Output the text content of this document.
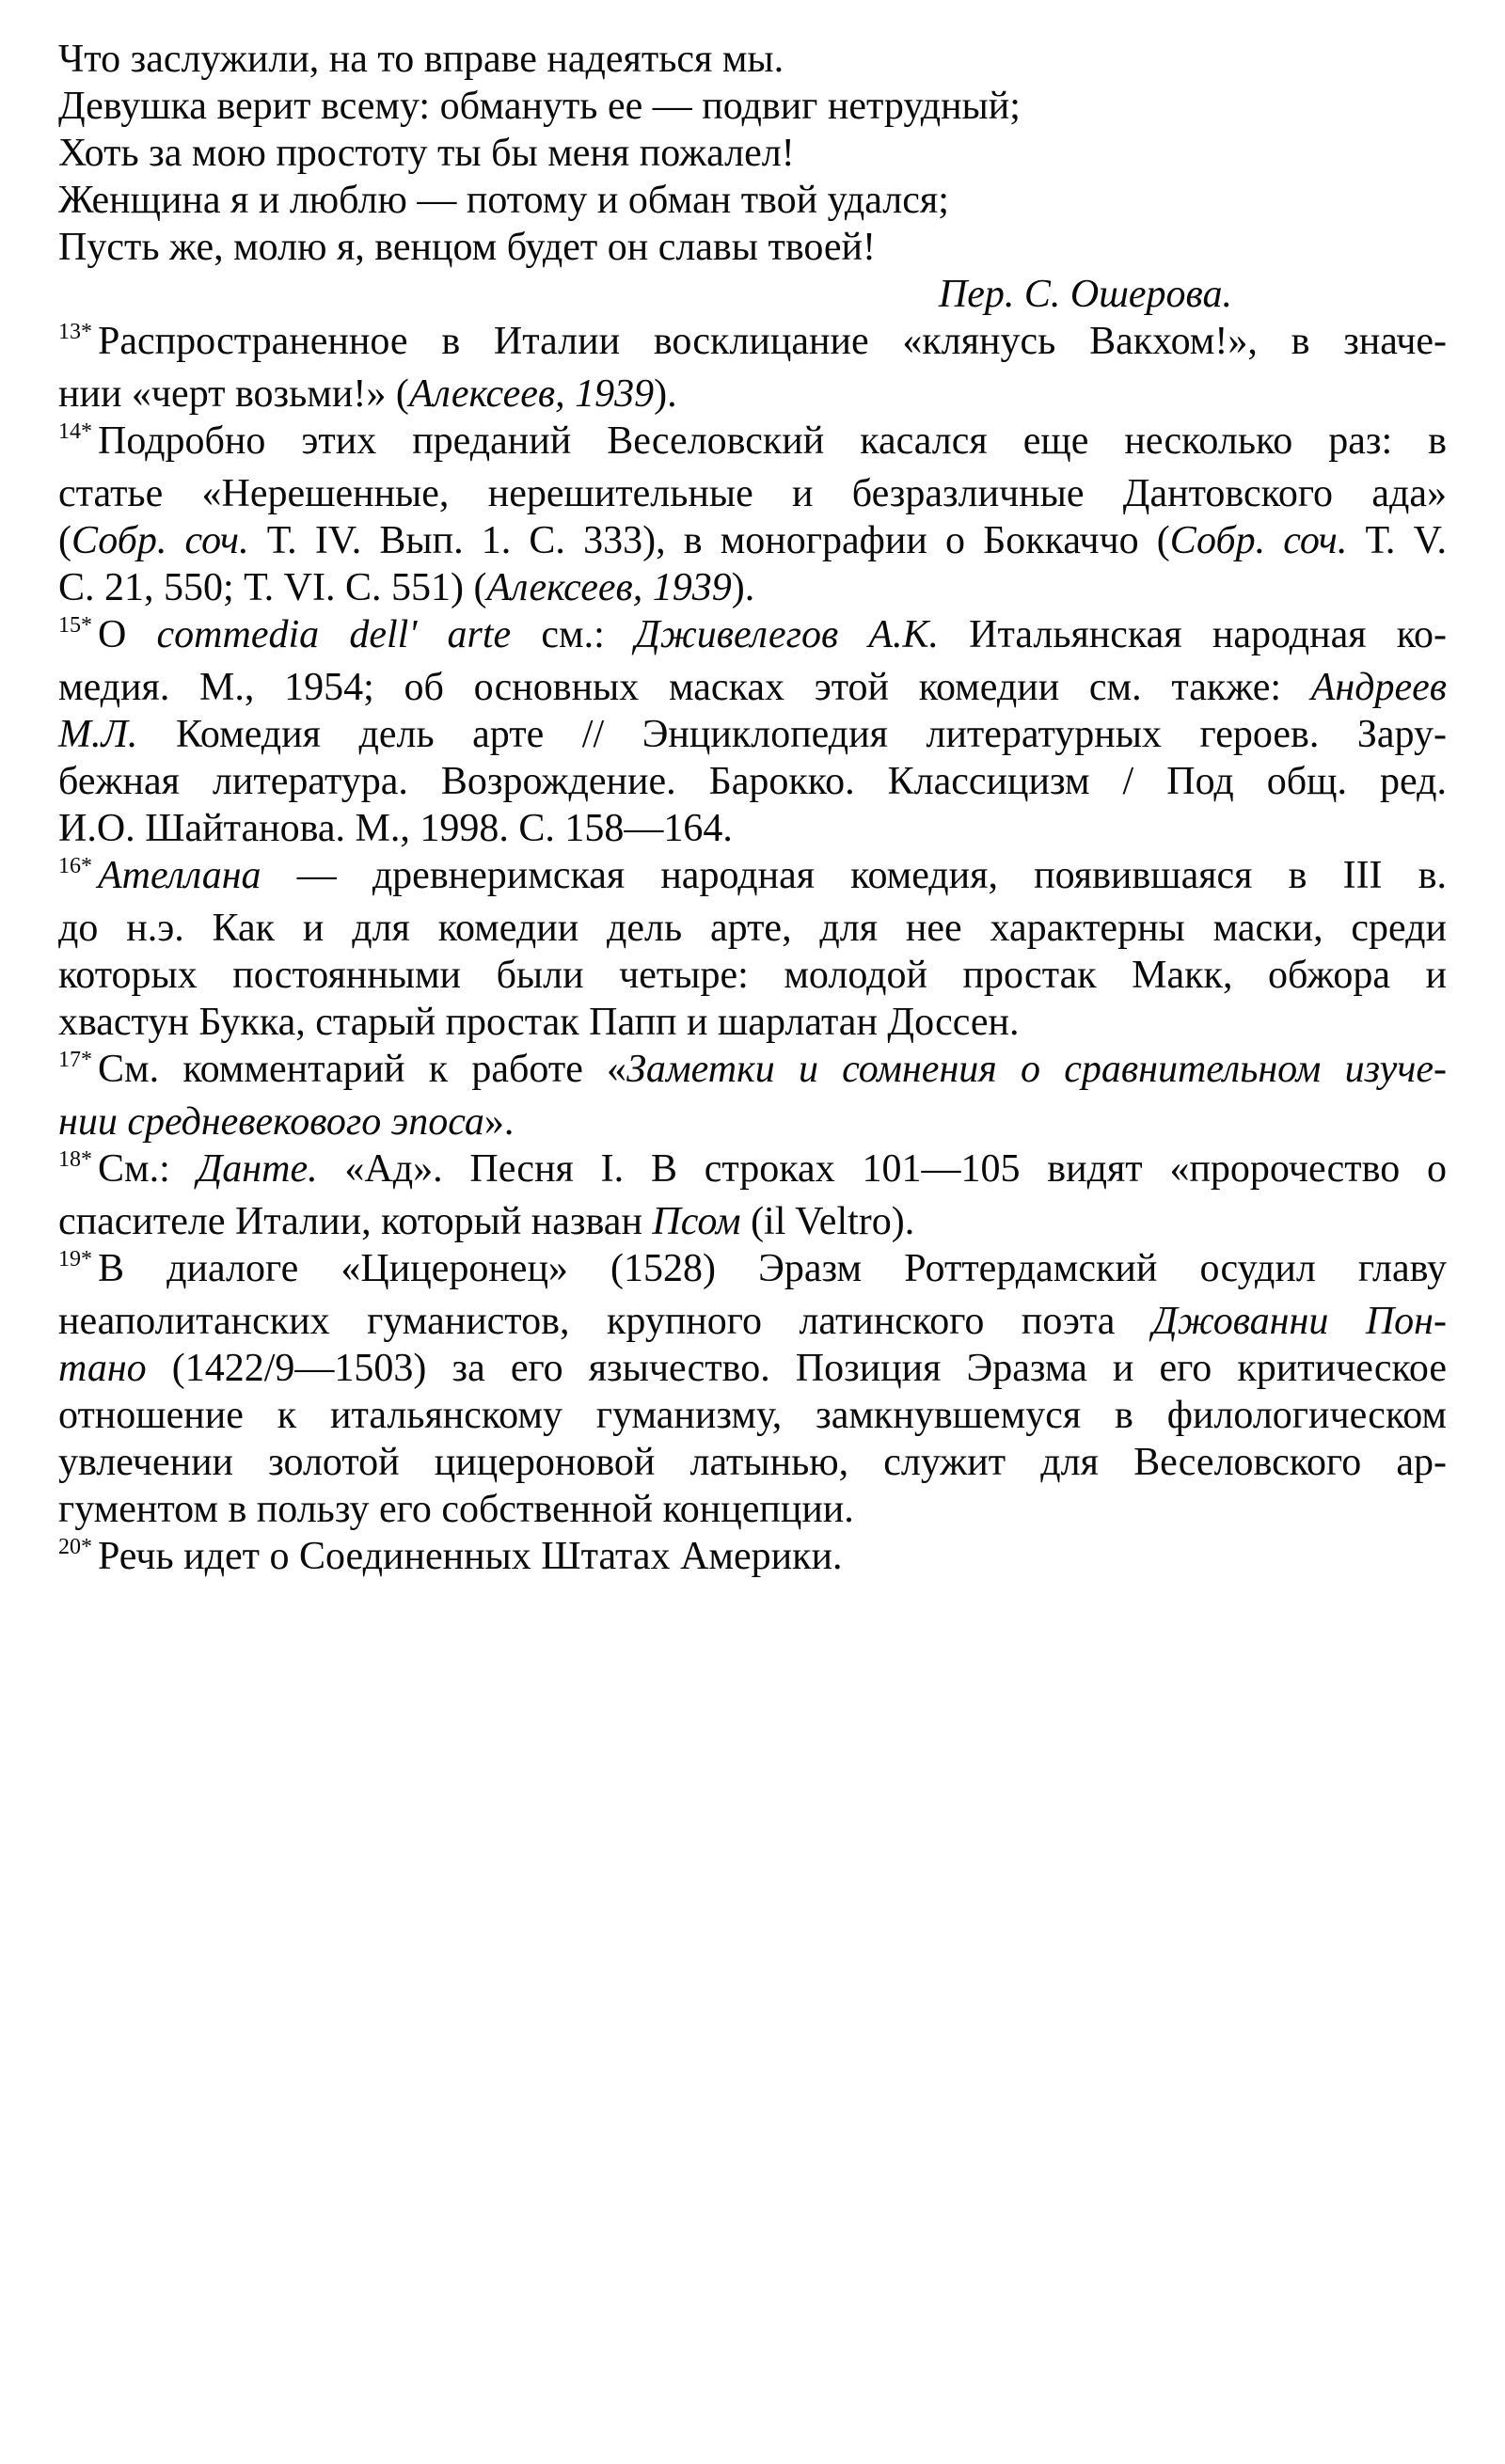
Что заслужили, на то вправе надеяться мы.
Девушка верит всему: обмануть ее — подвиг нетрудный;
Хоть за мою простоту ты бы меня пожалел!
Женщина я и люблю — потому и обман твой удался;
Пусть же, молю я, венцом будет он славы твоей!
Пер. С. Ошерова.
$^{13*}$ Распространенное в Италии восклицание «клянусь Вакхом!», в значе-
нии «черт возьми!» (Алексеев, 1939).
$^{14*}$ Подробно этих преданий Веселовский касался еще несколько раз: в
статье «Нерешенные, нерешительные и безразличные Дантовского ада»
(Собр. соч. Т. IV. Вып. 1. С. 333), в монографии о Боккаччо (Собр. соч. Т. V.
С. 21, 550; Т. VI. С. 551) (Алексеев, 1939).
$^{15*}$ О commedia dell' arte см.: Дживелегов А.К. Итальянская народная ко-
медия. М., 1954; об основных масках этой комедии см. также: Андреев
М.Л. Комедия дель арте // Энциклопедия литературных героев. Зару-
бежная литература. Возрождение. Барокко. Классицизм / Под общ. ред.
И.О. Шайтанова. М., 1998. С. 158—164.
$^{16*}$ Ателлана — древнеримская народная комедия, появившаяся в III в.
до н.э. Как и для комедии дель арте, для нее характерны маски, среди
которых постоянными были четыре: молодой простак Макк, обжора и
хвастун Букка, старый простак Папп и шарлатан Доссен.
$^{17*}$ См. комментарий к работе «Заметки и сомнения о сравнительном изуче-
нии средневекового эпоса».
$^{18*}$ См.: Данте. «Ад». Песня I. В строках 101—105 видят «пророчество о
спасителе Италии, который назван Псом (il Veltro).
$^{19*}$ В диалоге «Цицеронец» (1528) Эразм Роттердамский осудил главу
неаполитанских гуманистов, крупного латинского поэта Джованни Пон-
тано (1422/9—1503) за его язычество. Позиция Эразма и его критическое
отношение к итальянскому гуманизму, замкнувшемуся в филологическом
увлечении золотой цицероновой латынью, служит для Веселовского ар-
гументом в пользу его собственной концепции.
$^{20*}$ Речь идет о Соединенных Штатах Америки.
